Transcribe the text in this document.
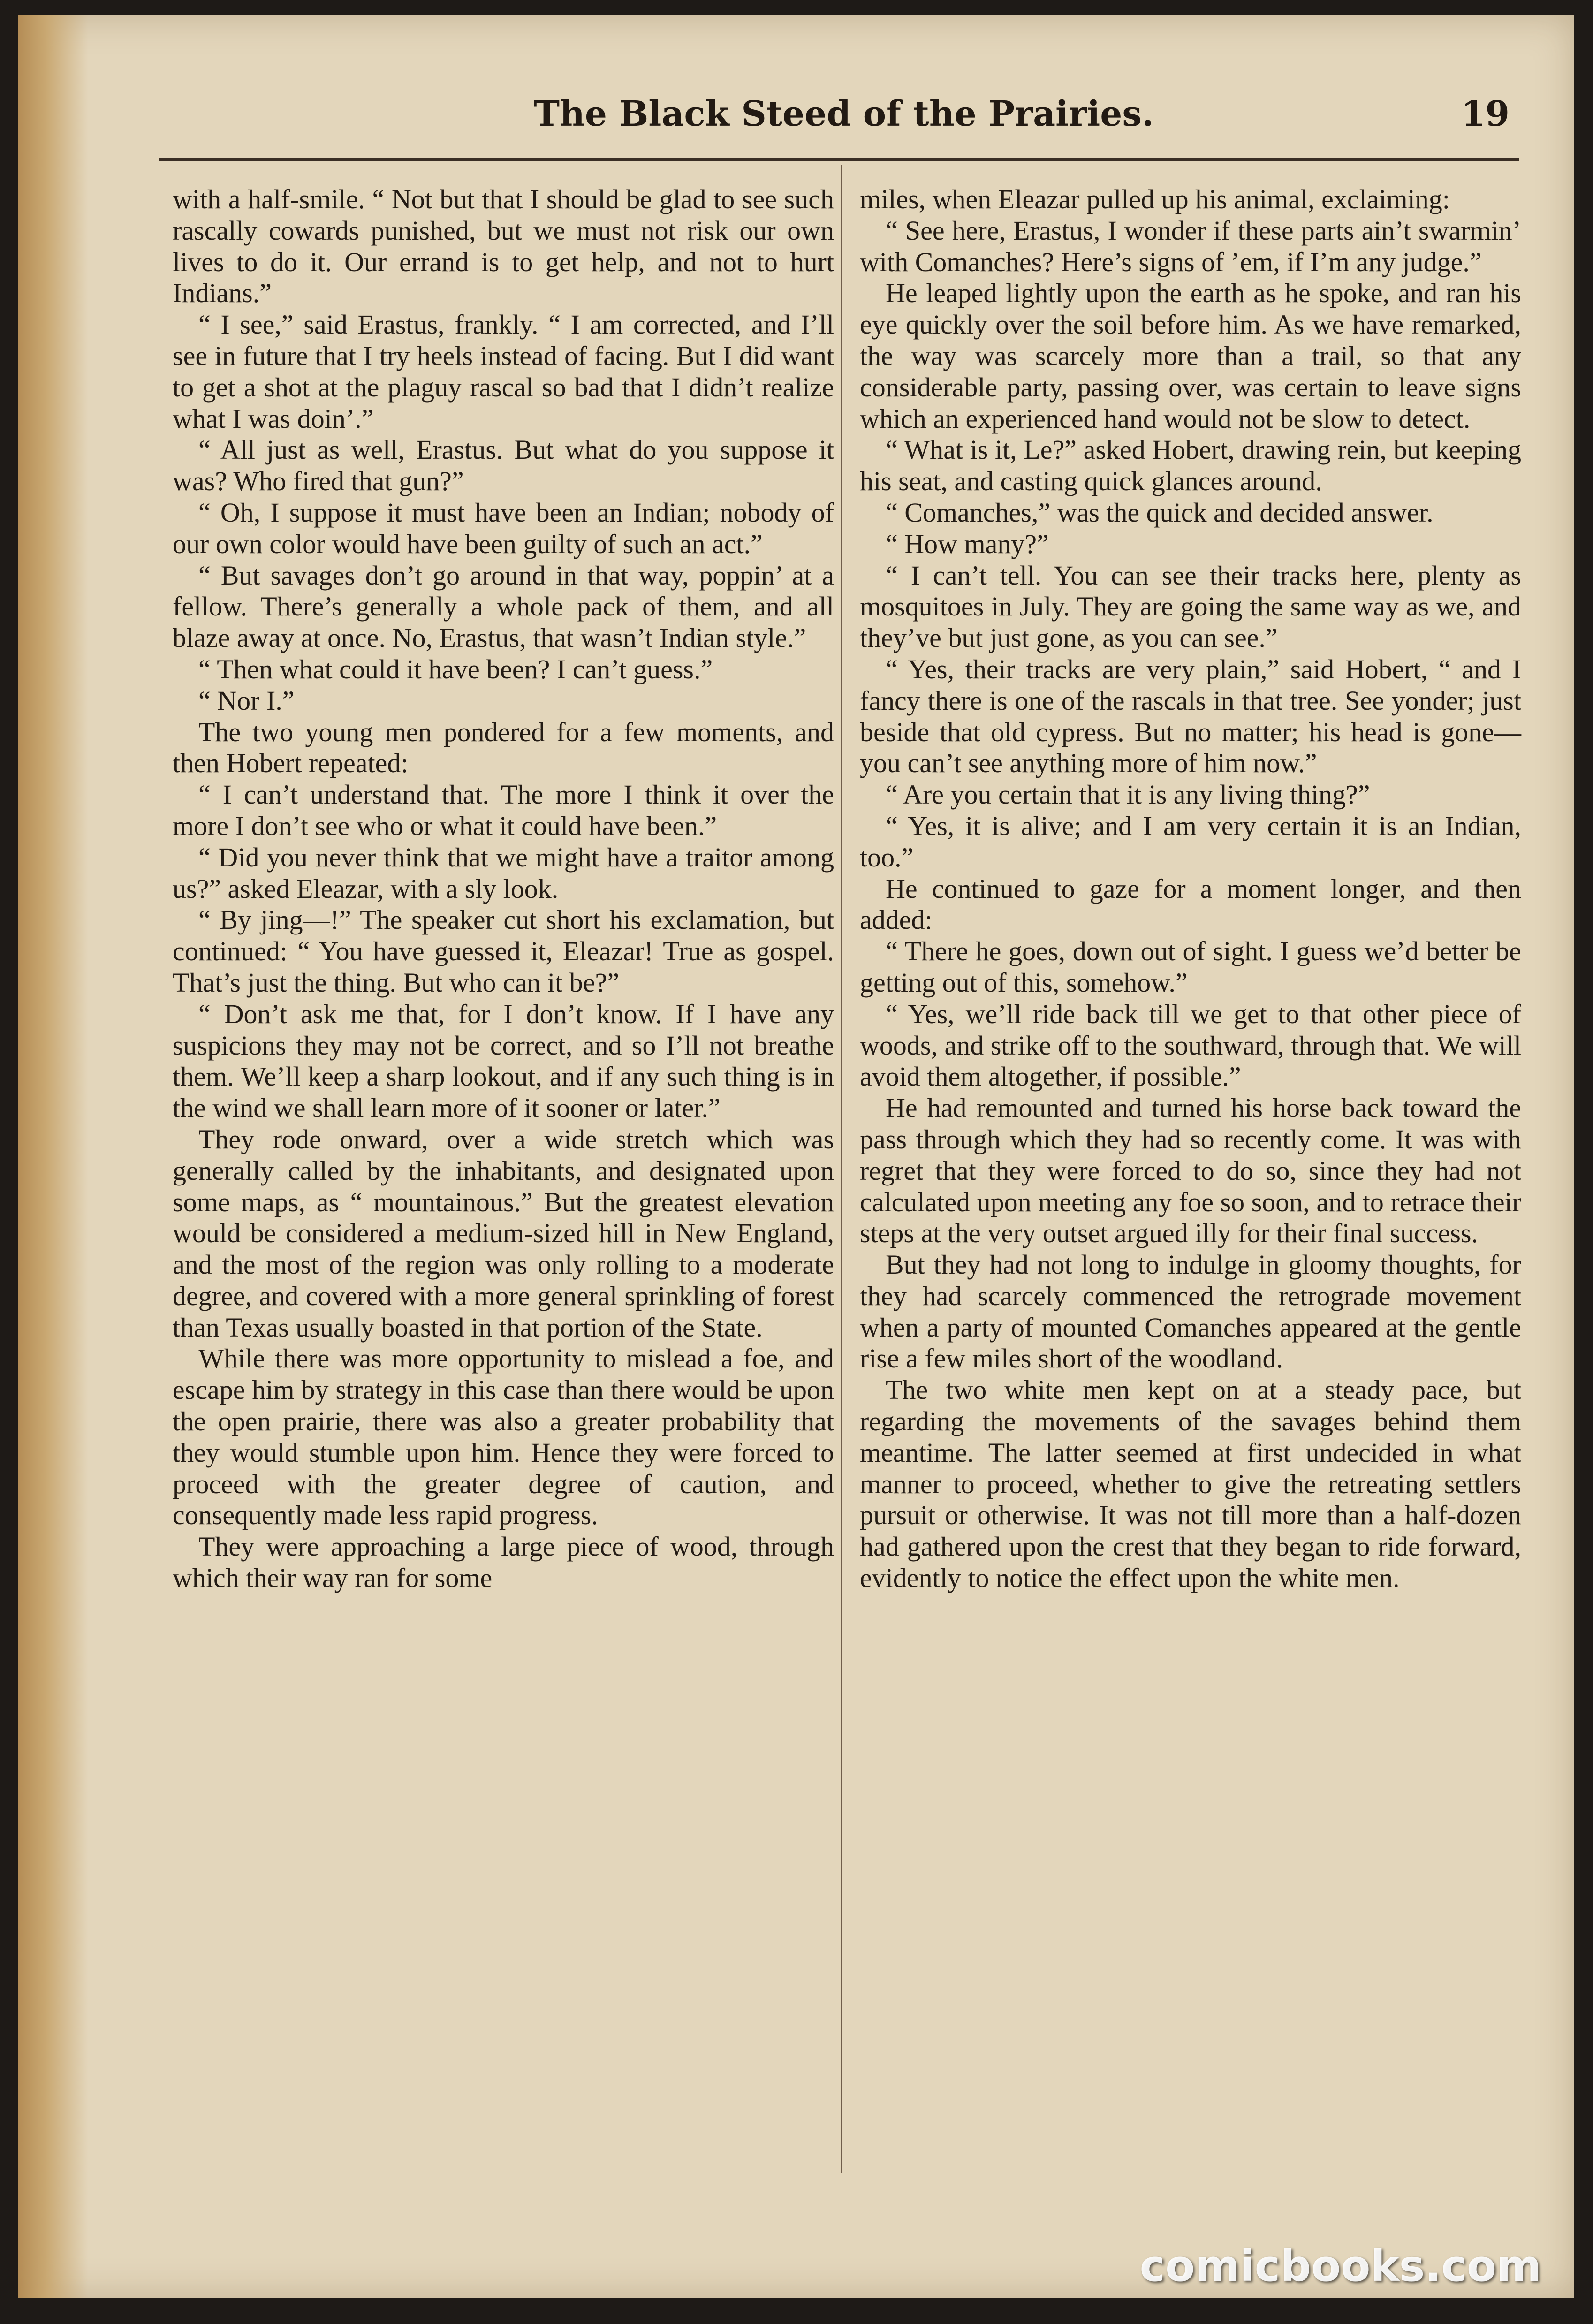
The Black Steed of the Prairies.	19

with a half-smile. “ Not but that I should be glad to see such rascally cowards punished, but we must not risk our own lives to do it. Our errand is to get help, and not to hurt Indians.”

“ I see,” said Erastus, frankly. “ I am corrected, and I’ll see in future that I try heels instead of facing. But I did want to get a shot at the plaguy rascal so bad that I didn’t realize what I was doin’.”

“ All just as well, Erastus. But what do you suppose it was? Who fired that gun?”

“ Oh, I suppose it must have been an Indian; nobody of our own color would have been guilty of such an act.”

“ But savages don’t go around in that way, poppin’ at a fellow. There’s generally a whole pack of them, and all blaze away at once. No, Erastus, that wasn’t Indian style.”

“ Then what could it have been? I can’t guess.”

“ Nor I.”

The two young men pondered for a few moments, and then Hobert repeated:

“ I can’t understand that. The more I think it over the more I don’t see who or what it could have been.”

“ Did you never think that we might have a traitor among us?” asked Eleazar, with a sly look.

“ By jing—!” The speaker cut short his exclamation, but continued: “ You have guessed it, Eleazar! True as gospel. That’s just the thing. But who can it be?”

“ Don’t ask me that, for I don’t know. If I have any suspicions they may not be correct, and so I’ll not breathe them. We’ll keep a sharp lookout, and if any such thing is in the wind we shall learn more of it sooner or later.”

They rode onward, over a wide stretch which was generally called by the inhabitants, and designated upon some maps, as “ mountainous.” But the greatest elevation would be considered a medium-sized hill in New England, and the most of the region was only rolling to a moderate degree, and covered with a more general sprinkling of forest than Texas usually boasted in that portion of the State.

While there was more opportunity to mislead a foe, and escape him by strategy in this case than there would be upon the open prairie, there was also a greater probability that they would stumble upon him. Hence they were forced to proceed with the greater degree of caution, and consequently made less rapid progress.

They were approaching a large piece of wood, through which their way ran for some

miles, when Eleazar pulled up his animal, exclaiming:

“ See here, Erastus, I wonder if these parts ain’t swarmin’ with Comanches? Here’s signs of ’em, if I’m any judge.”

He leaped lightly upon the earth as he spoke, and ran his eye quickly over the soil before him. As we have remarked, the way was scarcely more than a trail, so that any considerable party, passing over, was certain to leave signs which an experienced hand would not be slow to detect.

“ What is it, Le?” asked Hobert, drawing rein, but keeping his seat, and casting quick glances around.

“ Comanches,” was the quick and decided answer.

“ How many?”

“ I can’t tell. You can see their tracks here, plenty as mosquitoes in July. They are going the same way as we, and they’ve but just gone, as you can see.”

“ Yes, their tracks are very plain,” said Hobert, “ and I fancy there is one of the rascals in that tree. See yonder; just beside that old cypress. But no matter; his head is gone—you can’t see anything more of him now.”

“ Are you certain that it is any living thing?”

“ Yes, it is alive; and I am very certain it is an Indian, too.”

He continued to gaze for a moment longer, and then added:

“ There he goes, down out of sight. I guess we’d better be getting out of this, somehow.”

“ Yes, we’ll ride back till we get to that other piece of woods, and strike off to the southward, through that. We will avoid them altogether, if possible.”

He had remounted and turned his horse back toward the pass through which they had so recently come. It was with regret that they were forced to do so, since they had not calculated upon meeting any foe so soon, and to retrace their steps at the very outset argued illy for their final success.

But they had not long to indulge in gloomy thoughts, for they had scarcely commenced the retrograde movement when a party of mounted Comanches appeared at the gentle rise a few miles short of the woodland.

The two white men kept on at a steady pace, but regarding the movements of the savages behind them meantime. The latter seemed at first undecided in what manner to proceed, whether to give the retreating settlers pursuit or otherwise. It was not till more than a half-dozen had gathered upon the crest that they began to ride forward, evidently to notice the effect upon the white men.

comicbooks.com
